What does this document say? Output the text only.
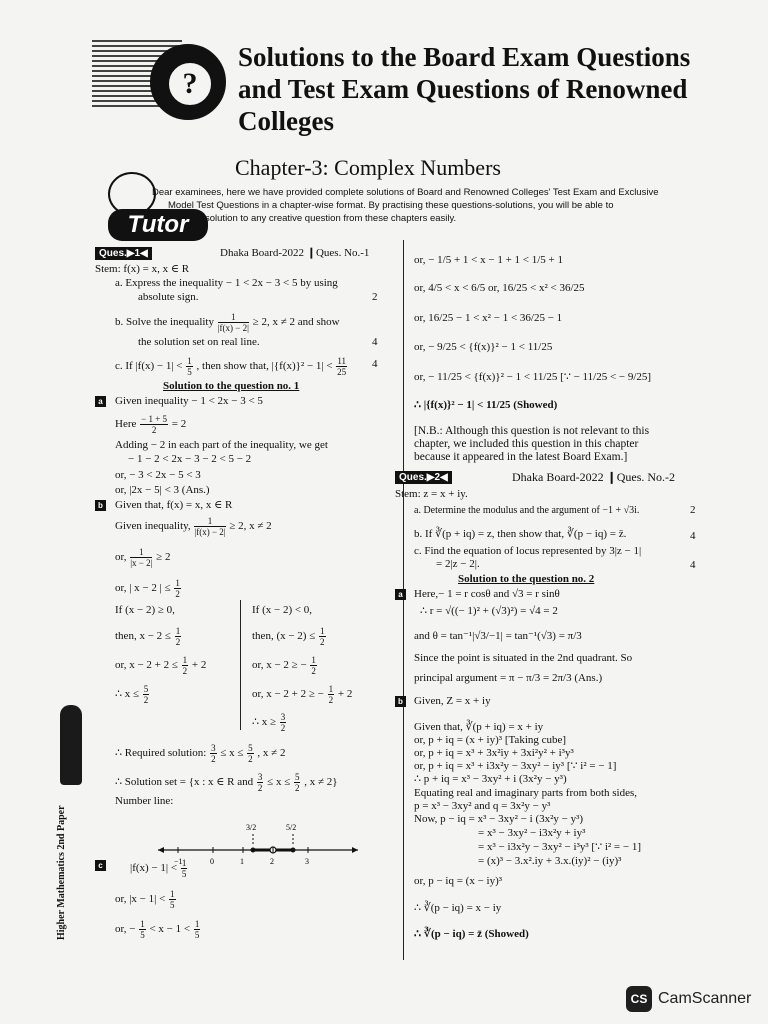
?
Solutions to the Board Exam Questions
and Test Exam Questions of Renowned
Colleges
Chapter-3: Complex Numbers
Tutor
Dear examinees, here we have provided complete solutions of Board and Renowned Colleges' Test Exam and Exclusive
Model Test Questions in a chapter-wise format. By practising these questions-solutions, you will be able to
solution to any creative question from these chapters easily.
Ques.▶1◀	Dhaka Board-2022 ❙Ques. No.-1
Stem: f(x) = x, x ∈ R
a. Express the inequality − 1 < 2x − 3 < 5 by using
absolute sign.	2
b. Solve the inequality $\frac{1}{|f(x) - 2|} \ge 2$, x ≠ 2 and show
the solution set on real line.	4
c. If $|f(x) - 1| < \frac{1}{5}$ , then show that, $|\{f(x)\}^2 - 1| < \frac{11}{25} 4$
Solution to the question no. 1
a Given inequality − 1 < 2x − 3 < 5
Here $\frac{- 1 + 5}{2} = 2$
Adding − 2 in each part of the inequality, we get
− 1 − 2 < 2x − 3 − 2 < 5 − 2
or, − 3 < 2x − 5 < 3
or, |2x − 5| < 3 (Ans.)
b Given that, f(x) = x, x ∈ R
Given inequality, $\frac{1}{|f(x) - 2|} \ge 2$, x ≠ 2
or, $\frac{1}{|x - 2|} \ge 2$
or, | x − 2 | ≤ $\frac{1}{2}$
If (x − 2) ≥ 0,
then, $x - 2 \le \frac{1}{2}$
or, $x - 2 + 2 \le \frac{1}{2} + 2$
∴ $x \le \frac{5}{2}$
If (x − 2) < 0,
then, $(x - 2) \le \frac{1}{2}$
or, x − 2 ≥ − $\frac{1}{2}$
or, x − 2 + 2 ≥ − $\frac{1}{2} + 2$
∴ $x \ge \frac{3}{2}$
∴ Required solution: $\frac{3}{2} \le x \le \frac{5}{2}$ , x ≠ 2
∴ Solution set = {x : x ∈ R and $\frac{3}{2} \le x \le \frac{5}{2}$ , x ≠ 2}
Number line:
−1	0	1	2	3
3/2	5/2
c $|f(x) - 1| < \frac{1}{5}$
or, $|x - 1| < \frac{1}{5}$
or, − $\frac{1}{5} < x - 1 < \frac{1}{5}$
or, − 1/5 + 1 < x − 1 + 1 < 1/5 + 1
or, 4/5 < x < 6/5 or, 16/25 < x² < 36/25
or, 16/25 − 1 < x² − 1 < 36/25 − 1
or, − 9/25 < {f(x)}² − 1 < 11/25
or, − 11/25 < {f(x)}² − 1 < 11/25 [∵ − 11/25 < − 9/25]
∴ |{f(x)}² − 1| < 11/25 (Showed)
[N.B.: Although this question is not relevant to this
chapter, we included this question in this chapter
because it appeared in the latest Board Exam.]
Ques.▶2◀	Dhaka Board-2022 ❙Ques. No.-2
Stem: z = x + iy.
a. Determine the modulus and the argument of −1 + √3i.	2
b. If ∛(p + iq) = z, then show that, ∛(p − iq) = z̄.	4
c. Find the equation of locus represented by 3|z − 1|
= 2|z − 2|.	4
Solution to the question no. 2
a Here,− 1 = r cosθ and √3 = r sinθ
∴ r = √((− 1)² + (√3)²) = √4 = 2
and θ = tan⁻¹|√3/−1| = tan⁻¹(√3) = π/3
Since the point is situated in the 2nd quadrant. So
principal argument = π − π/3 = 2π/3 (Ans.)
b Given, Z = x + iy
Given that, ∛(p + iq) = x + iy
or, p + iq = (x + iy)³ [Taking cube]
or, p + iq = x³ + 3x²iy + 3xi²y² + i³y³
or, p + iq = x³ + i3x²y − 3xy² − iy³ [∵ i² = − 1]
∴ p + iq = x³ − 3xy² + i (3x²y − y³)
Equating real and imaginary parts from both sides,
p = x³ − 3xy² and q = 3x²y − y³
Now, p − iq = x³ − 3xy² − i (3x²y − y³)
= x³ − 3xy² − i3x²y + iy³
= x³ − i3x²y − 3xy² − i³y³ [∵ i² = − 1]
= (x)³ − 3.x².iy + 3.x.(iy)² − (iy)³
or, p − iq = (x − iy)³
∴ ∛(p − iq) = x − iy
∴ ∛(p − iq) = z̄ (Showed)
Higher Mathematics 2nd Paper
CS CamScanner
